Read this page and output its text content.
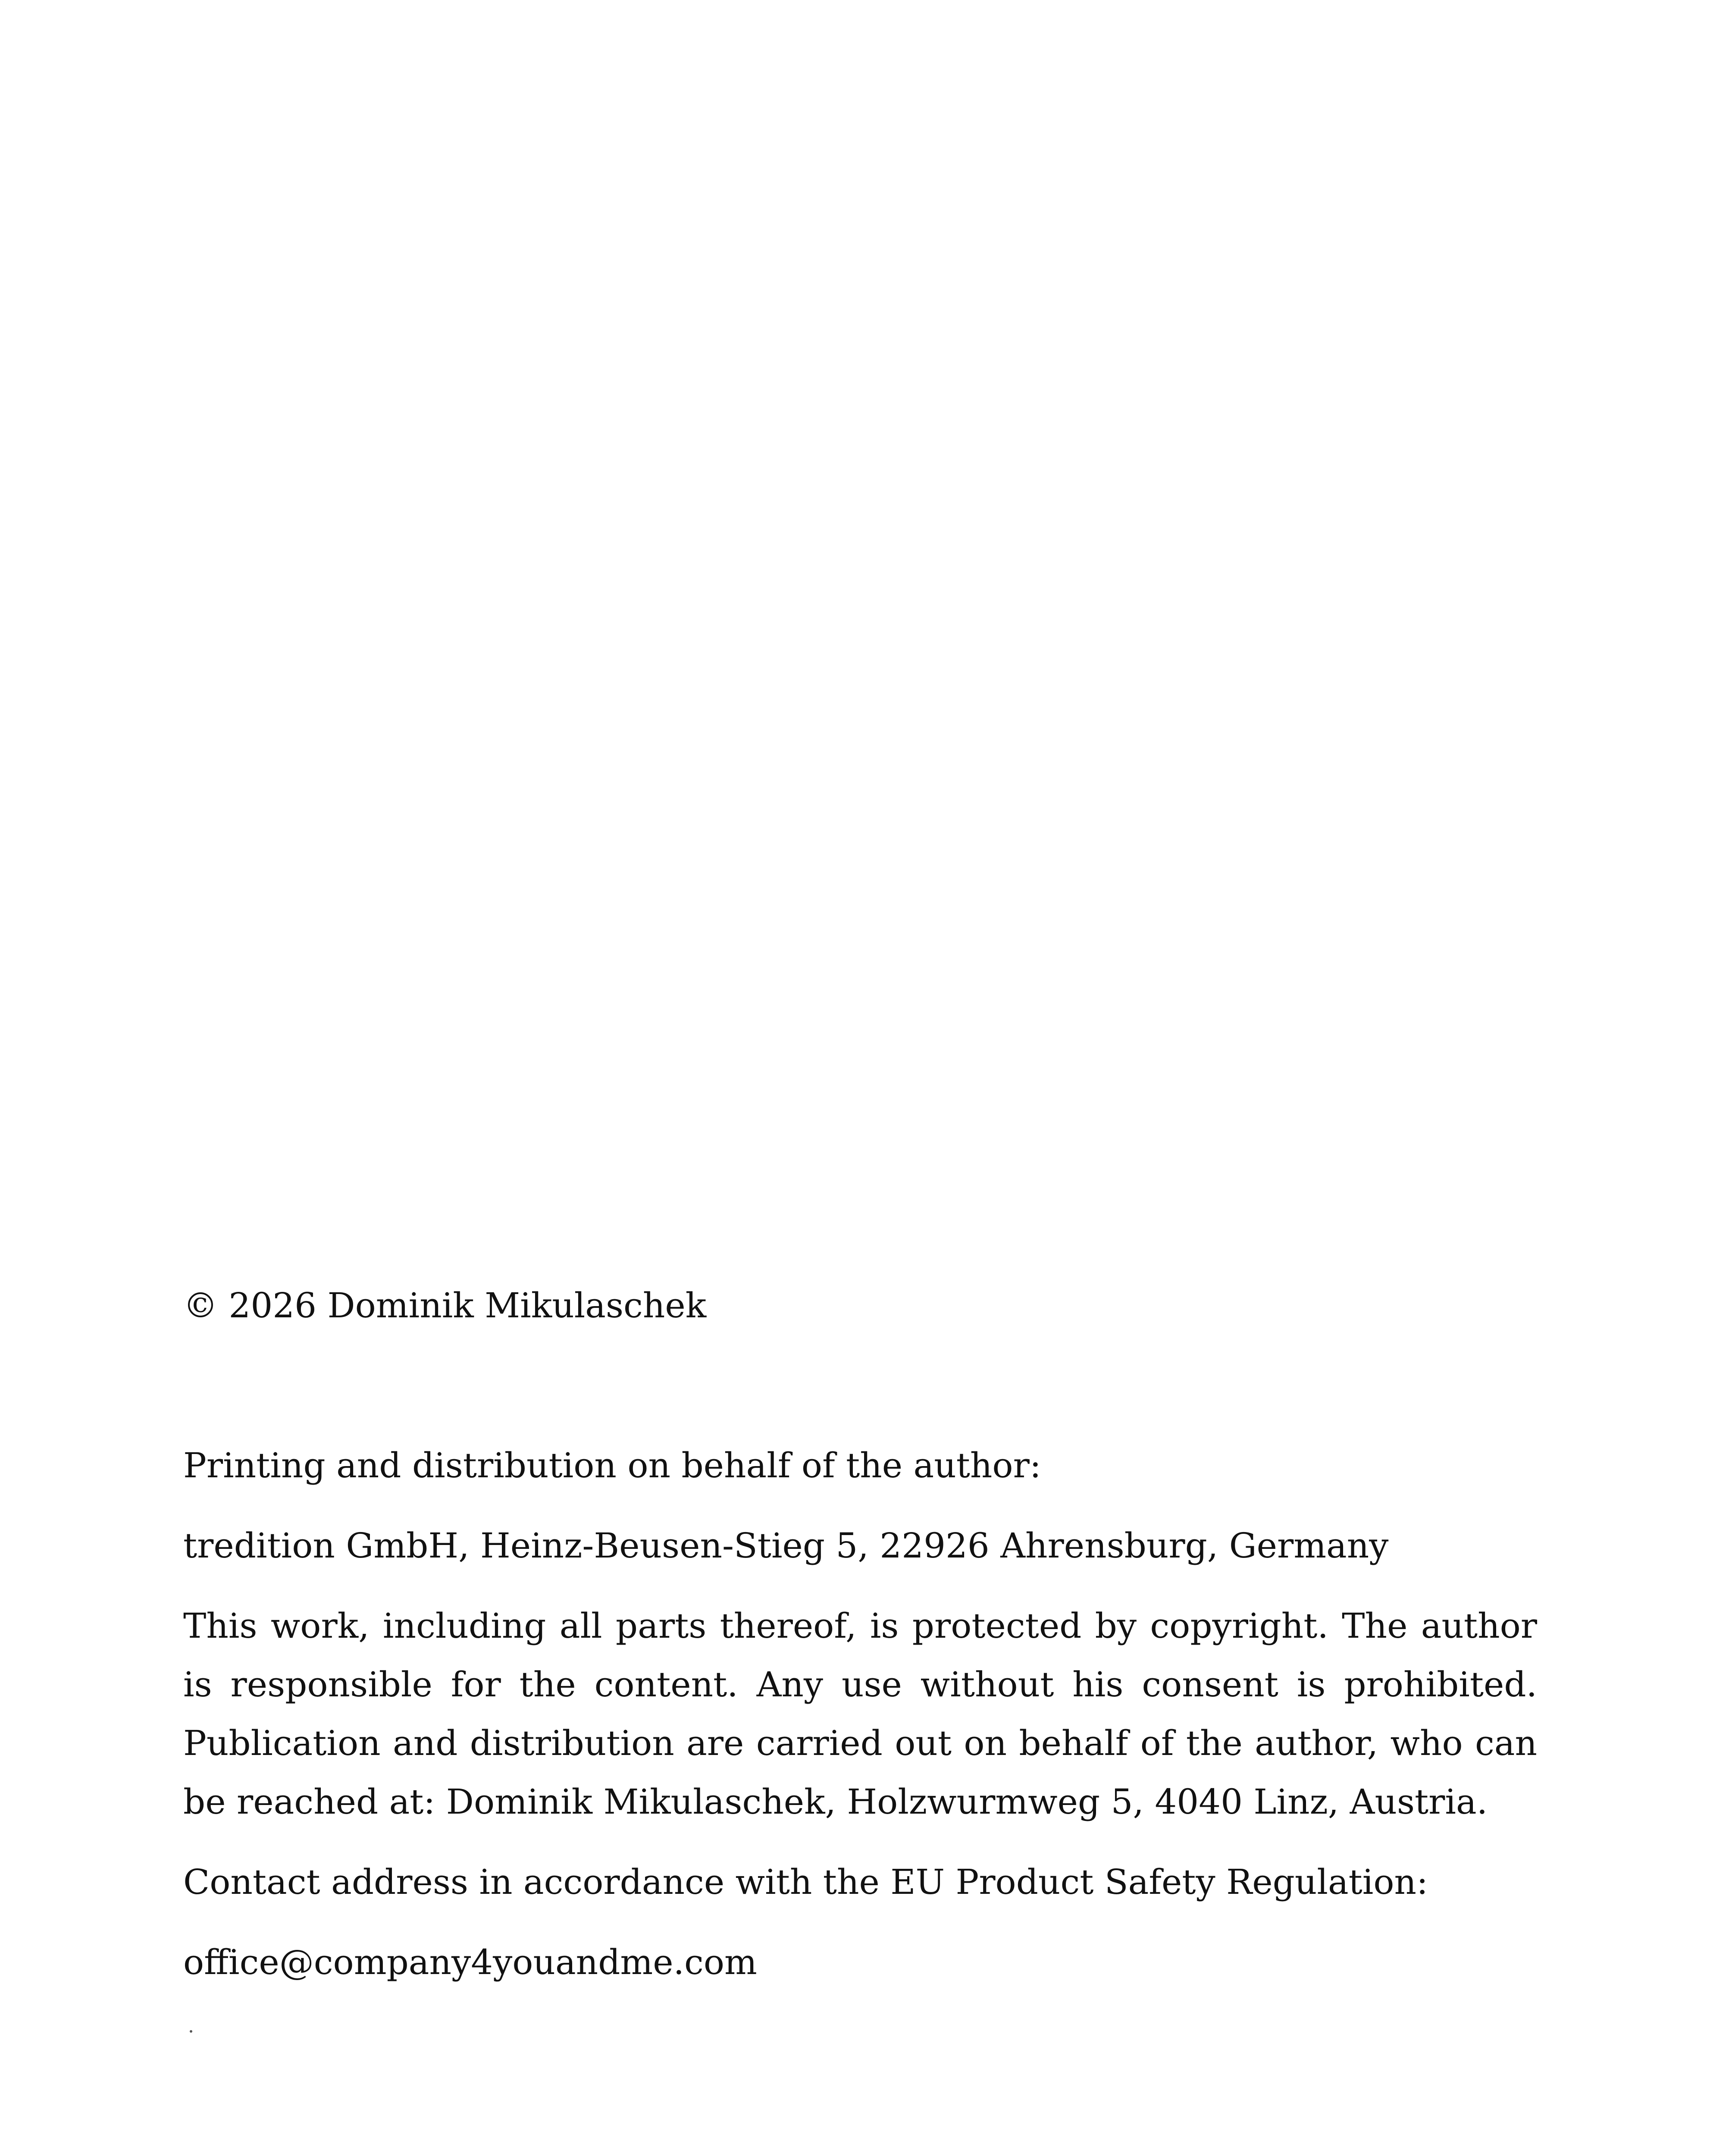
© 2026 Dominik Mikulaschek

Printing and distribution on behalf of the author:

tredition GmbH, Heinz-Beusen-Stieg 5, 22926 Ahrensburg, Germany

This work, including all parts thereof, is protected by copyright. The author is responsible for the content. Any use without his consent is prohibited. Publication and distribution are carried out on behalf of the author, who can be reached at: Dominik Mikulaschek, Holzwurmweg 5, 4040 Linz, Austria.

Contact address in accordance with the EU Product Safety Regulation:

office@company4youandme.com
